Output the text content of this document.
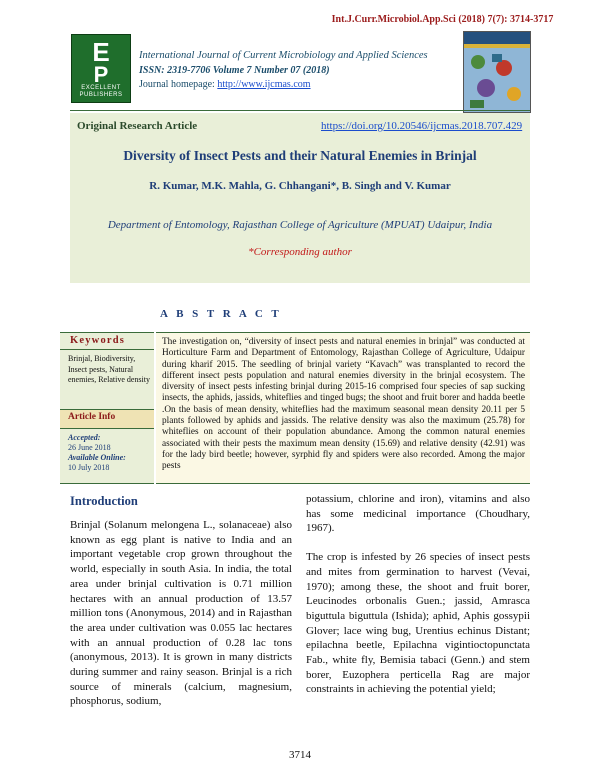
Int.J.Curr.Microbiol.App.Sci (2018) 7(7): 3714-3717
E
P
EXCELLENT
PUBLISHERS
International Journal of Current Microbiology and Applied Sciences
ISSN: 2319-7706 Volume 7 Number 07 (2018)
Journal homepage: http://www.ijcmas.com
Original Research Article	https://doi.org/10.20546/ijcmas.2018.707.429
Diversity of Insect Pests and their Natural Enemies in Brinjal
R. Kumar, M.K. Mahla, G. Chhangani*, B. Singh and V. Kumar
Department of Entomology, Rajasthan College of Agriculture (MPUAT) Udaipur, India
*Corresponding author
A B S T R A C T
Keywords
Brinjal, Biodiversity, Insect pests, Natural enemies, Relative density
Article Info
Accepted:
26 June 2018
Available Online:
10 July 2018
The investigation on, “diversity of insect pests and natural enemies in brinjal” was conducted at Horticulture Farm and Department of Entomology, Rajasthan College of Agriculture, Udaipur during kharif 2015. The seedling of brinjal variety “Kavach” was transplanted to record the different insect pests population and natural enemies diversity in the brinjal ecosystem. The diversity of insect pests infesting brinjal during 2015-16 comprised four species of sap sucking insects, the aphids, jassids, whiteflies and tinged bugs; the shoot and fruit borer and hadda beetle .On the basis of mean density, whiteflies had the maximum seasonal mean density 20.11 per 5 plants followed by aphids and jassids. The relative density was also the maximum (25.78) for whiteflies on account of their population abundance. Among the common natural enemies associated with their pests the maximum mean density (15.69) and relative density (42.91) was for the lady bird beetle; however, syrphid fly and spiders were also recorded. Among the major pests
Introduction

Brinjal (Solanum melongena L., solanaceae) also known as egg plant is native to India and an important vegetable crop grown throughout the world, especially in south Asia. In india, the total area under brinjal cultivation is 0.71 million hectares with an annual production of 13.57 million tons (Anonymous, 2014) and in Rajasthan the area under cultivation was 0.055 lac hectares with an annual production of 0.28 lac tons (anonymous, 2013). It is grown in many districts during summer and rainy season. Brinjal is a rich source of minerals (calcium, magnesium, phosphorus, sodium,

potassium, chlorine and iron), vitamins and also has some medicinal importance (Choudhary, 1967).

The crop is infested by 26 species of insect pests and mites from germination to harvest (Vevai, 1970); among these, the shoot and fruit borer, Leucinodes orbonalis Guen.; jassid, Amrasca biguttula biguttula (Ishida); aphid, Aphis gossypii Glover; lace wing bug, Urentius echinus Distant; epilachna beetle, Epilachna vigintioctopunctata Fab., white fly, Bemisia tabaci (Genn.) and stem borer, Euzophera perticella Rag are major constraints in achieving the potential yield;

3714
